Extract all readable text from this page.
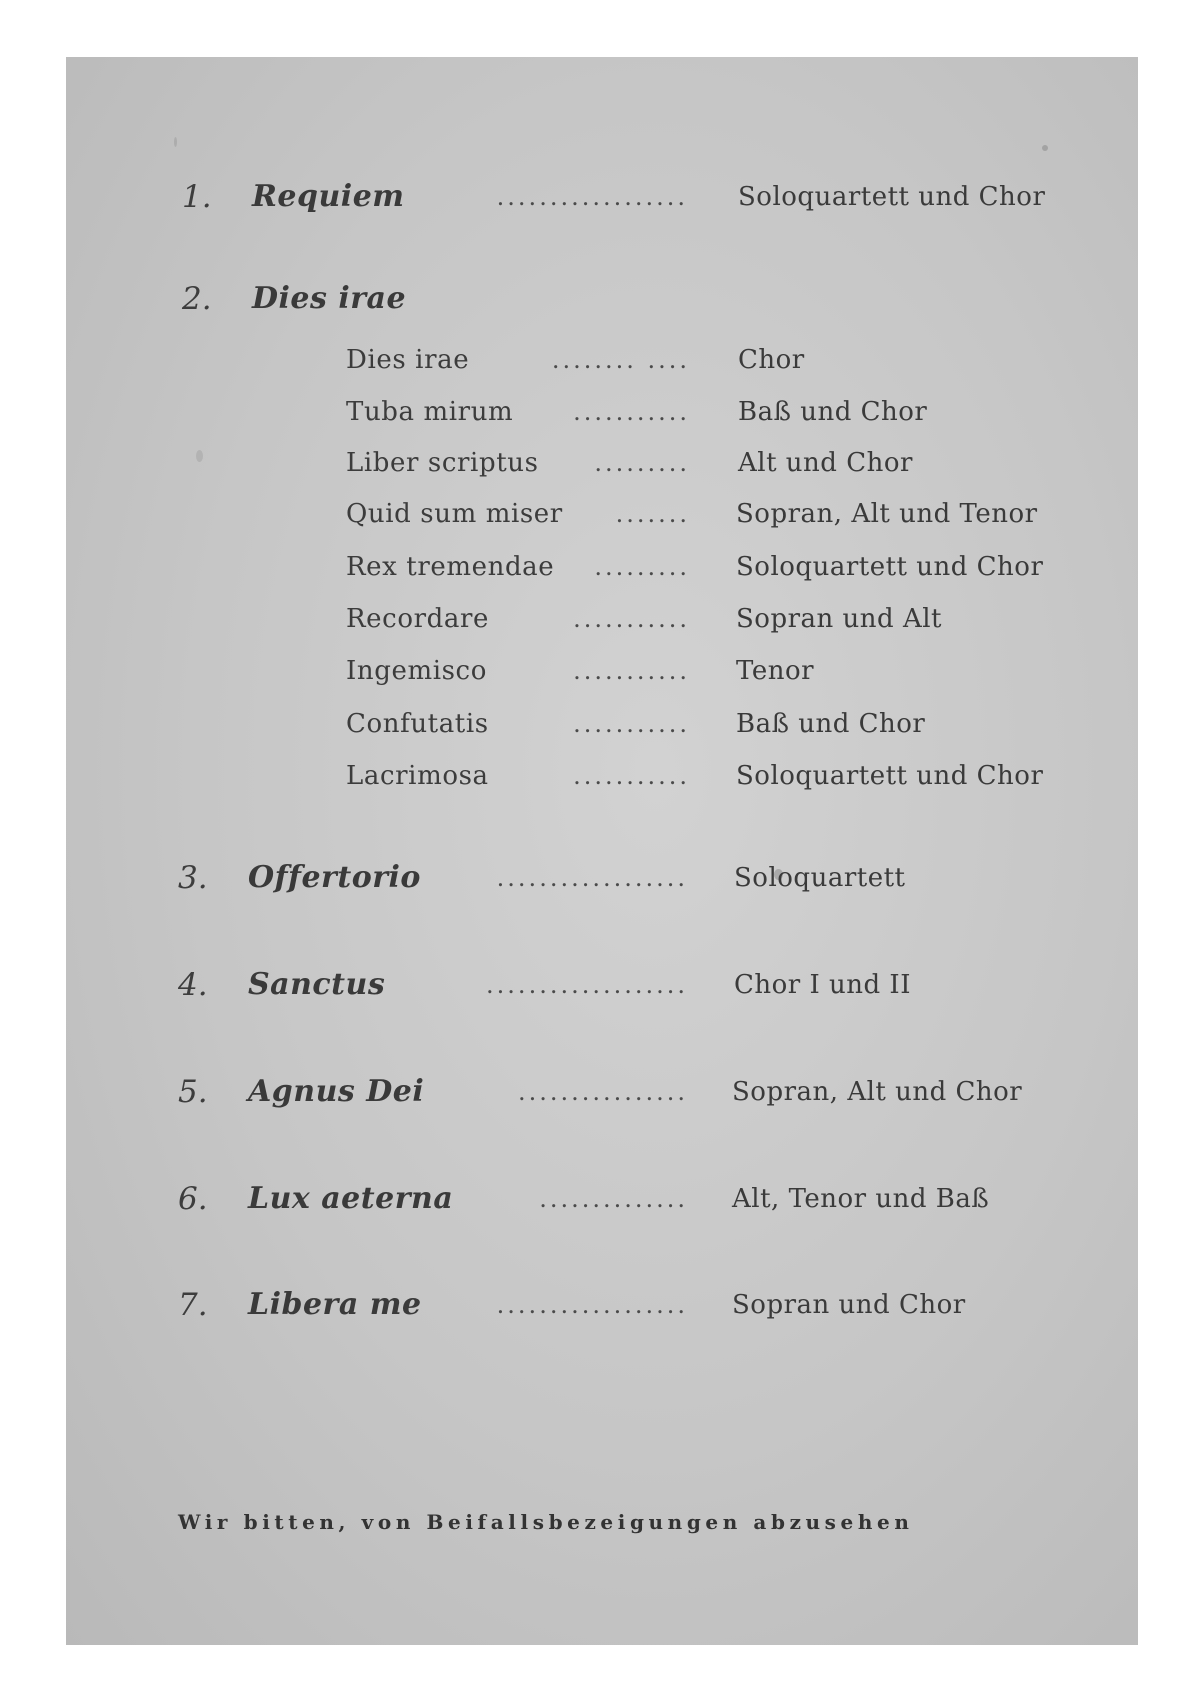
1. Requiem	.................. Soloquartett und Chor
2. Dies irae
Dies irae	........ .... Chor
Tuba mirum	........... Baß und Chor
Liber scriptus	......... Alt und Chor
Quid sum miser	....... Sopran, Alt und Tenor
Rex tremendae	......... Soloquartett und Chor
Recordare	........... Sopran und Alt
Ingemisco	........... Tenor
Confutatis	........... Baß und Chor
Lacrimosa	........... Soloquartett und Chor
3. Offertorio	.................. Soloquartett
4. Sanctus	................... Chor I und II
5. Agnus Dei	................ Sopran, Alt und Chor
6. Lux aeterna	.............. Alt, Tenor und Baß
7. Libera me	.................. Sopran und Chor
Wir bitten, von Beifallsbezeigungen abzusehen
